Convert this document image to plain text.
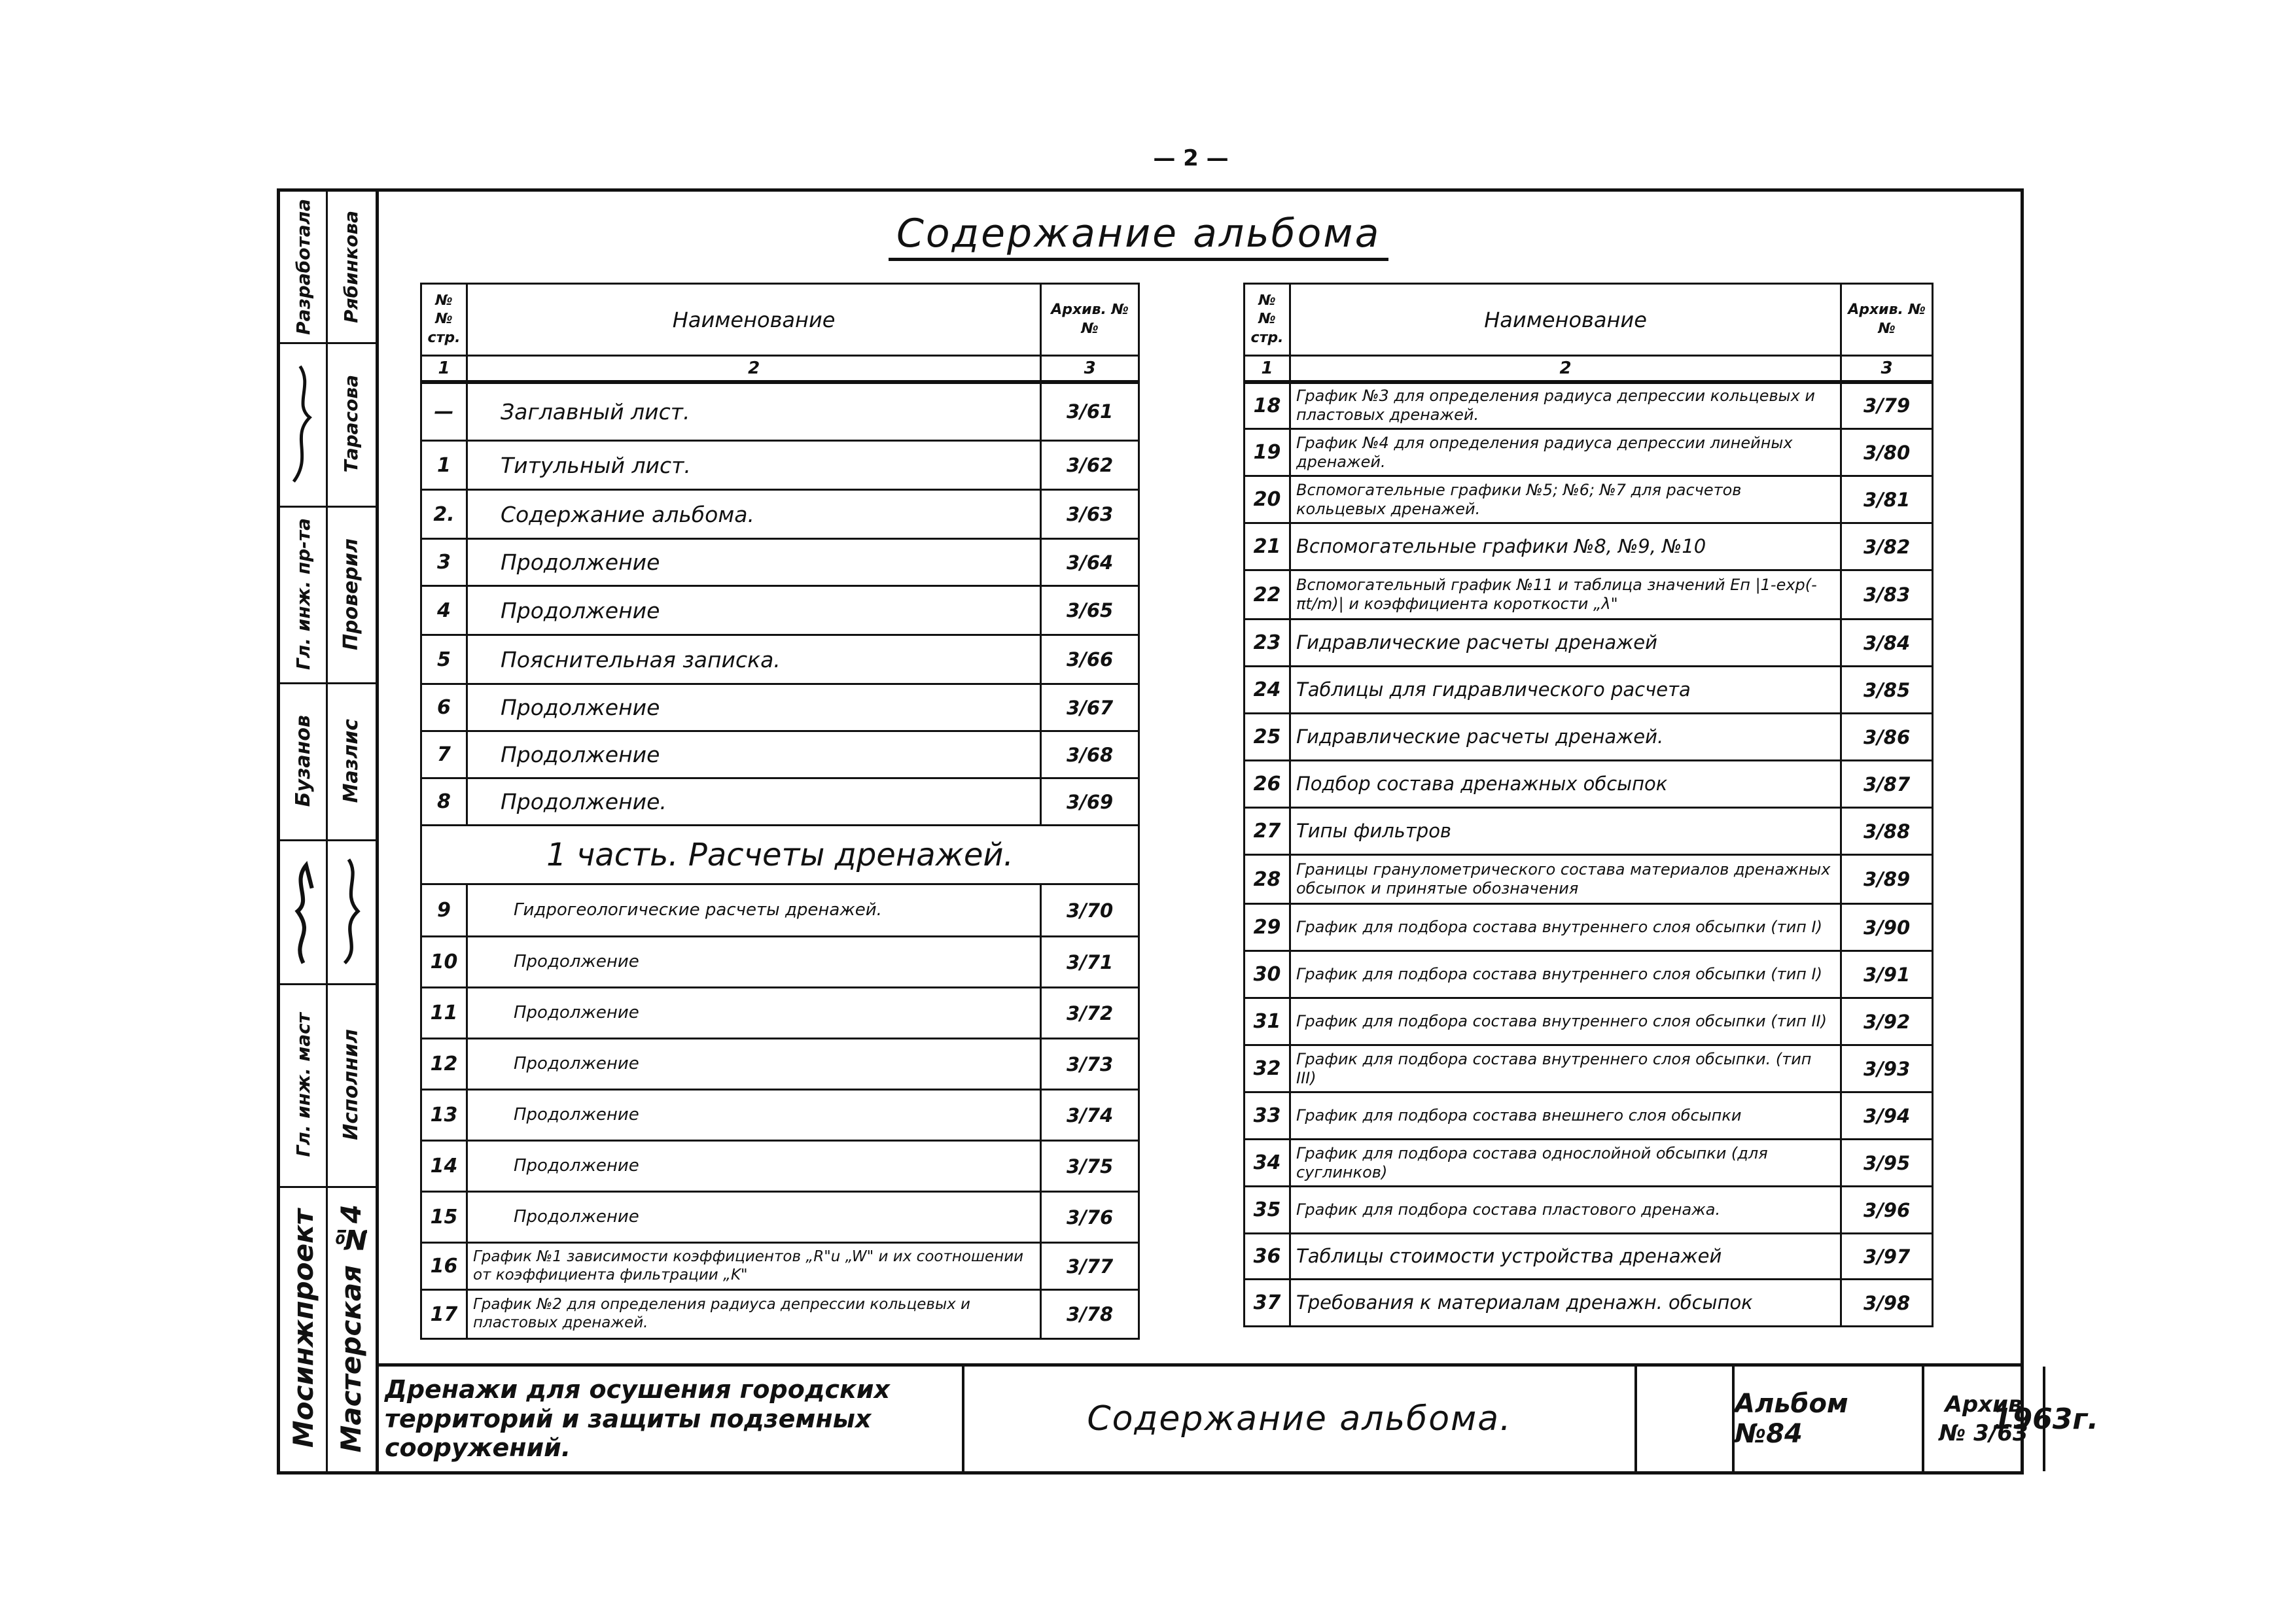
— 2 —
Разработала
Гл. инж. пр-та
Бузанов
Гл. инж. маст
Мосинжпроект
Рябинкова
Тарасова
Проверил
Мазлис
Исполнил
Мастерская №4 Дренажи для осушения городских территорий и защиты подземных сооружений.
Содержание альбома.	Альбом №84
Архив
№ 3/63
1963г.
Содержание альбома
№№ стр.	Наименование	Архив. №№
1	2	3
—	Заглавный лист.	3/61
1	Титульный лист.	3/62
2.	Содержание альбома.	3/63
3	Продолжение	3/64
4	Продолжение	3/65
5	Пояснительная записка.	3/66
6	Продолжение	3/67
7	Продолжение	3/68
8	Продолжение.	3/69
1 часть. Расчеты дренажей.		
9	Гидрогеологические расчеты дренажей.	3/70
10	Продолжение	3/71
11	Продолжение	3/72
12	Продолжение	3/73
13	Продолжение	3/74
14	Продолжение	3/75
15	Продолжение	3/76
16	График №1 зависимости коэффициентов „R"u „W" и их соотношении от коэффициента фильтрации „K"	3/77
17	График №2 для определения радиуса депрессии кольцевых и пластовых дренажей.	3/78
№№ стр.	Наименование	Архив. №№
1	2	3
18	График №3 для определения радиуса депрессии кольцевых и пластовых дренажей.	3/79
19	График №4 для определения радиуса депрессии линейных дренажей.	3/80
20	Вспомогательные графики №5; №6; №7 для расчетов кольцевых дренажей.	3/81
21	Вспомогательные графики №8, №9, №10	3/82
22	Вспомогательный график №11 и таблица значений Еп |1-exp(-πt/m)| и коэффициента короткости „λ"	3/83
23	Гидравлические расчеты дренажей	3/84
24	Таблицы для гидравлического расчета	3/85
25	Гидравлические расчеты дренажей.	3/86
26	Подбор состава дренажных обсыпок	3/87
27	Типы фильтров	3/88
28	Границы гранулометрического состава материалов дренажных обсыпок и принятые обозначения	3/89
29	График для подбора состава внутреннего слоя обсыпки (тип I)	3/90
30	График для подбора состава внутреннего слоя обсыпки (тип I)	3/91
31	График для подбора состава внутреннего слоя обсыпки (тип II)	3/92
32	График для подбора состава внутреннего слоя обсыпки. (тип III)	3/93
33	График для подбора состава внешнего слоя обсыпки	3/94
34	График для подбора состава однослойной обсыпки (для суглинков)	3/95
35	График для подбора состава пластового дренажа.	3/96
36	Таблицы стоимости устройства дренажей	3/97
37	Требования к материалам дренажн. обсыпок	3/98
